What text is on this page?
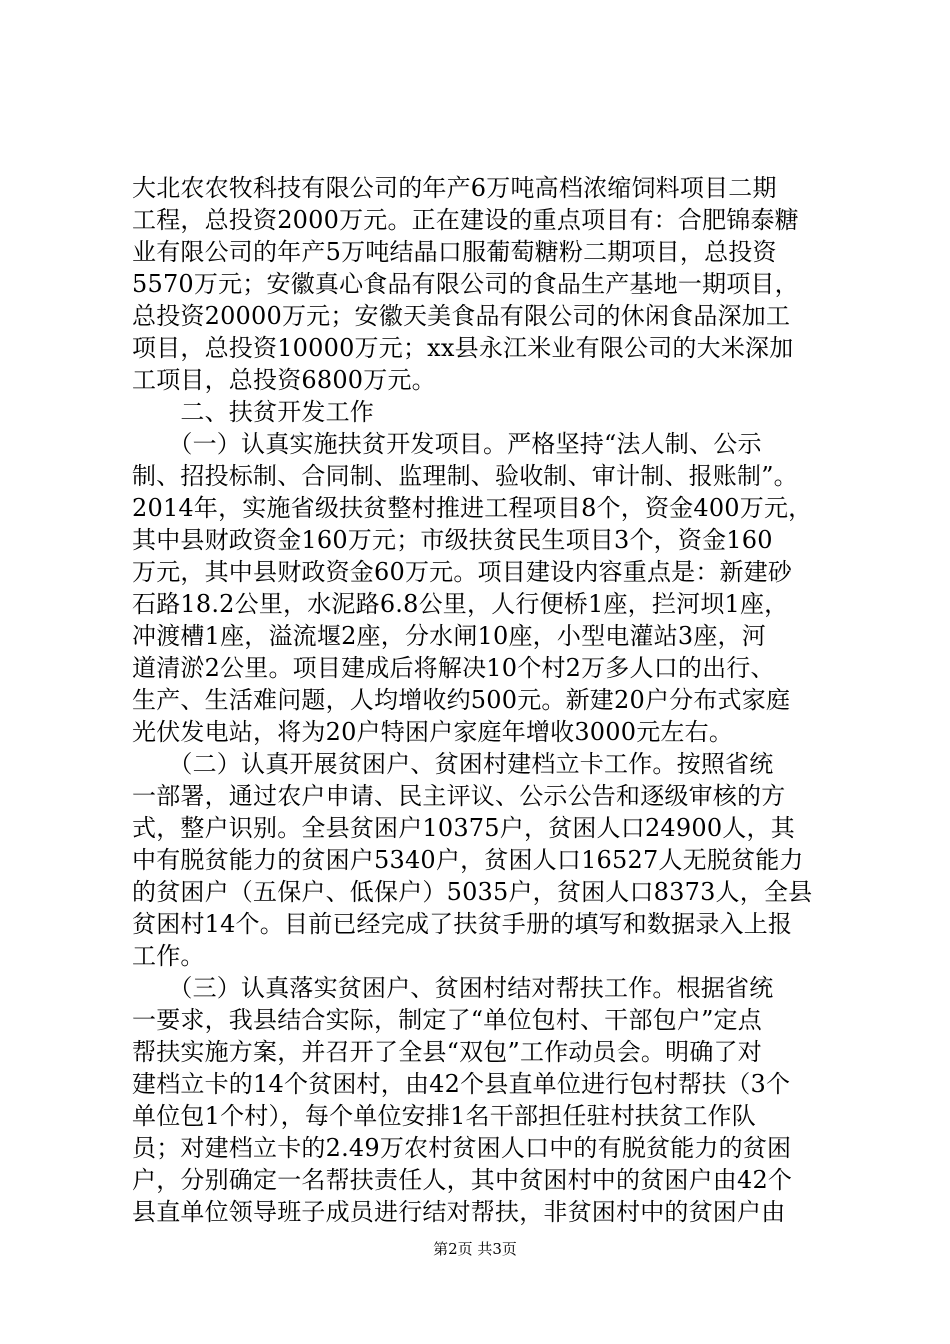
大北农农牧科技有限公司的年产6万吨高档浓缩饲料项目二期
工程，总投资2000万元。正在建设的重点项目有：合肥锦泰糖
业有限公司的年产5万吨结晶口服葡萄糖粉二期项目，总投资
5570万元；安徽真心食品有限公司的食品生产基地一期项目，
总投资20000万元；安徽天美食品有限公司的休闲食品深加工
项目，总投资10000万元；xx县永江米业有限公司的大米深加
工项目，总投资6800万元。
　　二、扶贫开发工作
　　（一）认真实施扶贫开发项目。严格坚持“法人制、公示
制、招投标制、合同制、监理制、验收制、审计制、报账制”。
2014年，实施省级扶贫整村推进工程项目8个，资金400万元，
其中县财政资金160万元；市级扶贫民生项目3个，资金160
万元，其中县财政资金60万元。项目建设内容重点是：新建砂
石路18.2公里，水泥路6.8公里，人行便桥1座，拦河坝1座，
冲渡槽1座，溢流堰2座，分水闸10座，小型电灌站3座，河
道清淤2公里。项目建成后将解决10个村2万多人口的出行、
生产、生活难问题，人均增收约500元。新建20户分布式家庭
光伏发电站，将为20户特困户家庭年增收3000元左右。
　　（二）认真开展贫困户、贫困村建档立卡工作。按照省统
一部署，通过农户申请、民主评议、公示公告和逐级审核的方
式，整户识别。全县贫困户10375户，贫困人口24900人，其
中有脱贫能力的贫困户5340户，贫困人口16527人无脱贫能力
的贫困户（五保户、低保户）5035户，贫困人口8373人，全县
贫困村14个。目前已经完成了扶贫手册的填写和数据录入上报
工作。
　　（三）认真落实贫困户、贫困村结对帮扶工作。根据省统
一要求，我县结合实际，制定了“单位包村、干部包户”定点
帮扶实施方案，并召开了全县“双包”工作动员会。明确了对
建档立卡的14个贫困村，由42个县直单位进行包村帮扶（3个
单位包1个村），每个单位安排1名干部担任驻村扶贫工作队
员；对建档立卡的2.49万农村贫困人口中的有脱贫能力的贫困
户，分别确定一名帮扶责任人，其中贫困村中的贫困户由42个
县直单位领导班子成员进行结对帮扶，非贫困村中的贫困户由
第2页 共3页
